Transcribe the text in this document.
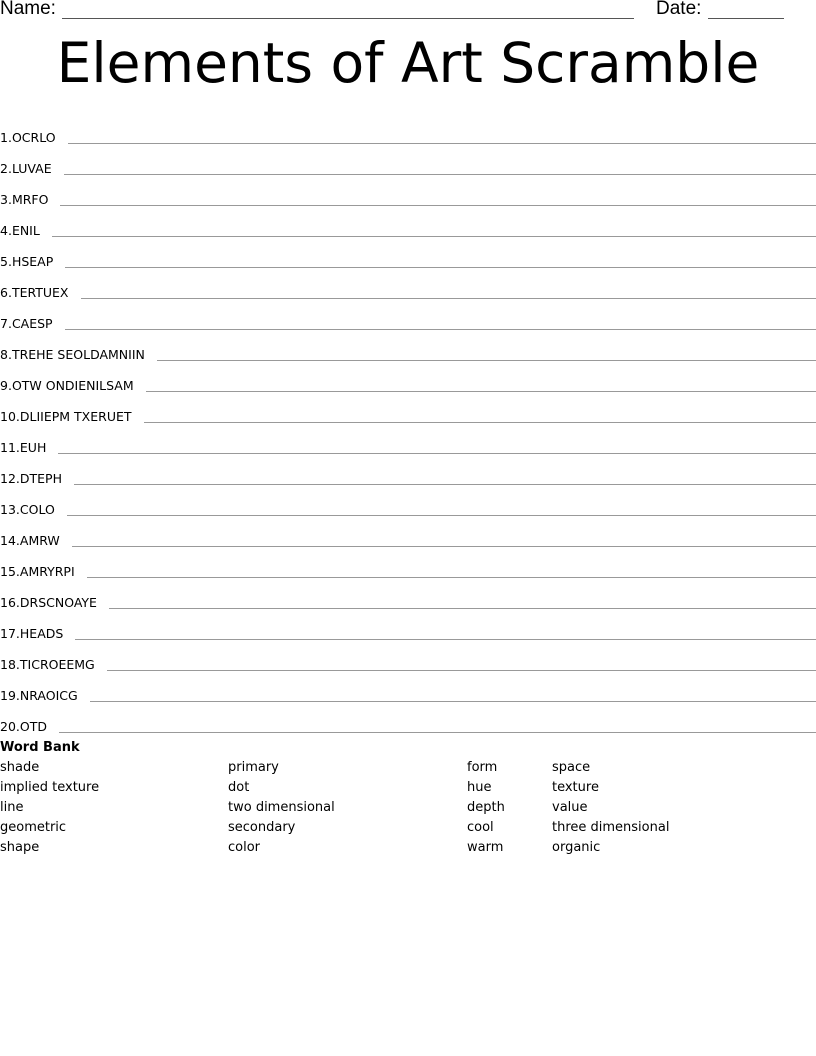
Name:	Date:
Elements of Art Scramble
1. OCRLO
2. LUVAE
3. MRFO
4. ENIL
5. HSEAP
6. TERTUEX
7. CAESP
8. TREHE SEOLDAMNIIN
9. OTW ONDIENILSAM
10. DLIIEPM TXERUET
11. EUH
12. DTEPH
13. COLO
14. AMRW
15. AMRYRPI
16. DRSCNOAYE
17. HEADS
18. TICROEEMG
19. NRAOICG
20. OTD
Word Bank
shade	primary	form	space
implied texture	dot	hue	texture
line	two dimensional	depth	value
geometric	secondary	cool	three dimensional
shape	color	warm	organic
